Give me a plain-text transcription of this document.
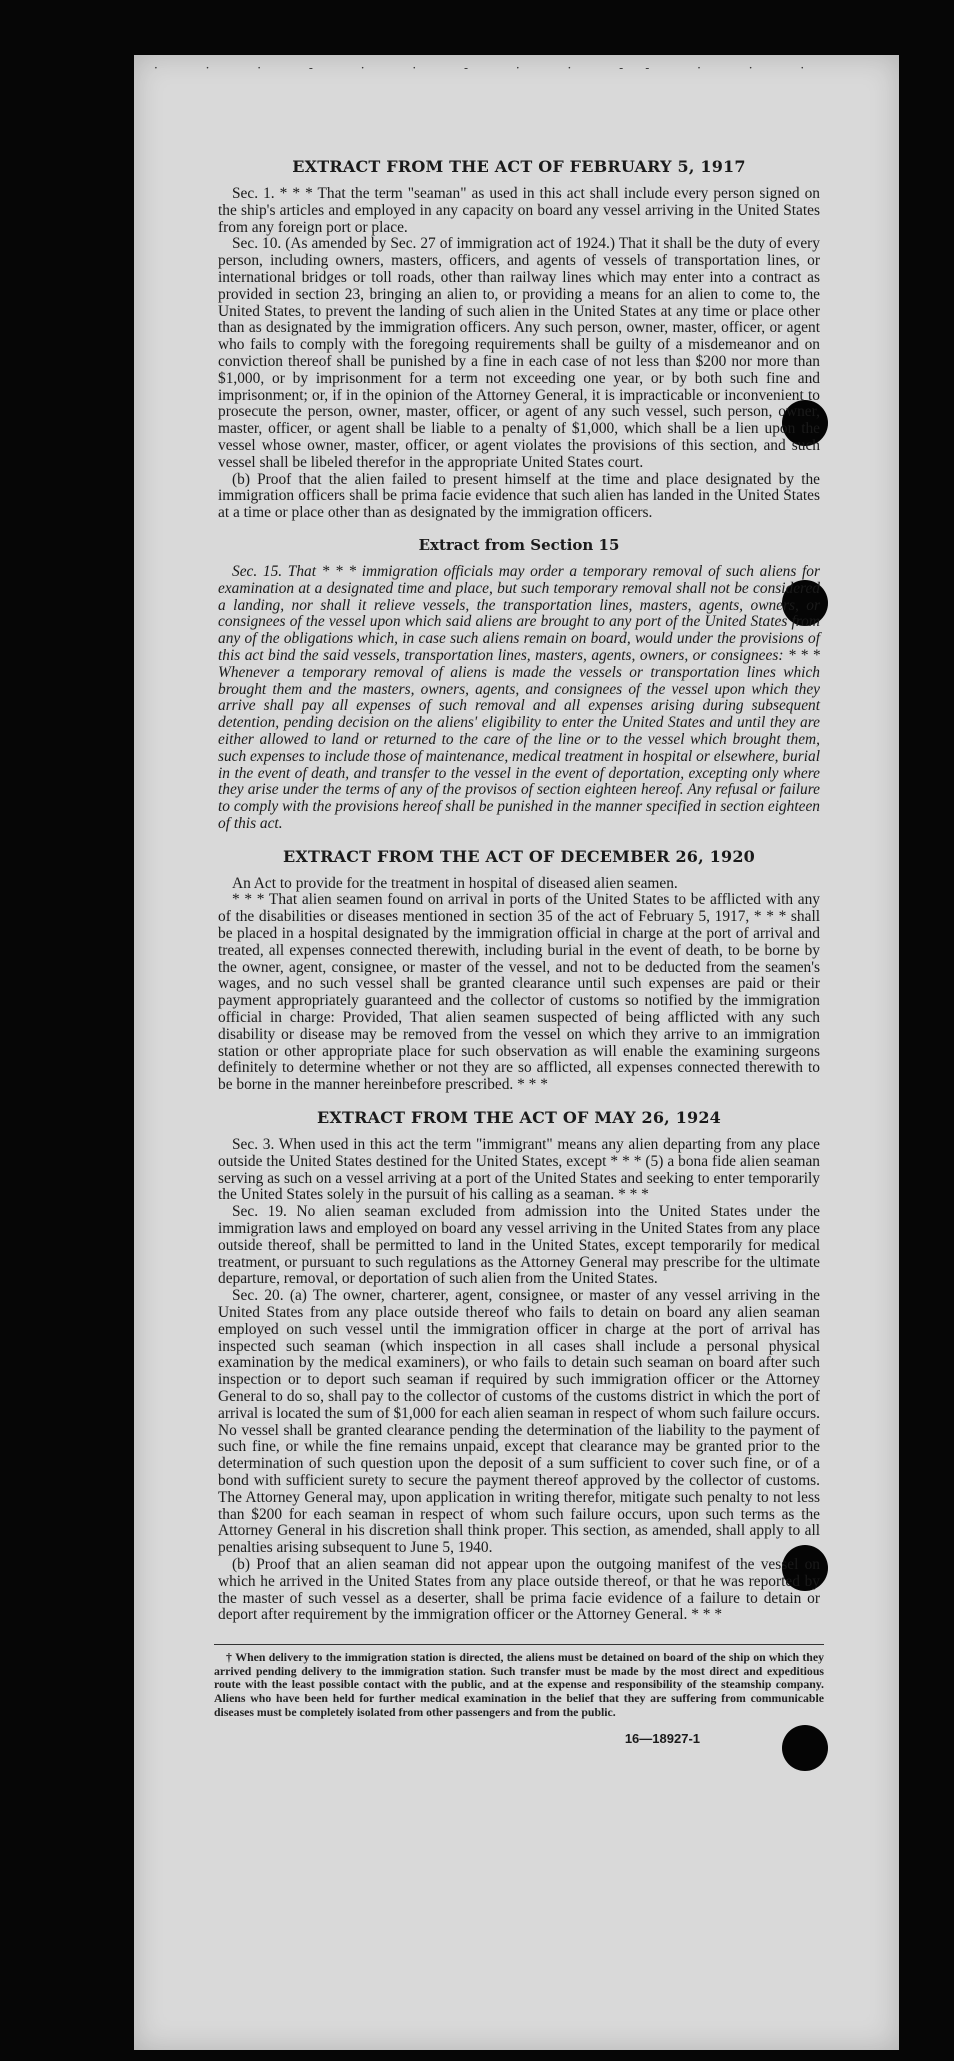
· · · - · · - · · -- · · ·
EXTRACT FROM THE ACT OF FEBRUARY 5, 1917

Sec. 1. * * * That the term "seaman" as used in this act shall include every person signed on the ship's articles and employed in any capacity on board any vessel arriving in the United States from any foreign port or place.

Sec. 10. (As amended by Sec. 27 of immigration act of 1924.) That it shall be the duty of every person, including owners, masters, officers, and agents of vessels of transportation lines, or international bridges or toll roads, other than railway lines which may enter into a contract as provided in section 23, bringing an alien to, or providing a means for an alien to come to, the United States, to prevent the landing of such alien in the United States at any time or place other than as designated by the immigration officers. Any such person, owner, master, officer, or agent who fails to comply with the foregoing requirements shall be guilty of a misdemeanor and on conviction thereof shall be punished by a fine in each case of not less than $200 nor more than $1,000, or by imprisonment for a term not exceeding one year, or by both such fine and imprisonment; or, if in the opinion of the Attorney General, it is impracticable or inconvenient to prosecute the person, owner, master, officer, or agent of any such vessel, such person, owner, master, officer, or agent shall be liable to a penalty of $1,000, which shall be a lien upon the vessel whose owner, master, officer, or agent violates the provisions of this section, and such vessel shall be libeled therefor in the appropriate United States court.

(b) Proof that the alien failed to present himself at the time and place designated by the immigration officers shall be prima facie evidence that such alien has landed in the United States at a time or place other than as designated by the immigration officers.

Extract from Section 15

Sec. 15. That * * * immigration officials may order a temporary removal of such aliens for examination at a designated time and place, but such temporary removal shall not be considered a landing, nor shall it relieve vessels, the transportation lines, masters, agents, owners, or consignees of the vessel upon which said aliens are brought to any port of the United States from any of the obligations which, in case such aliens remain on board, would under the provisions of this act bind the said vessels, transportation lines, masters, agents, owners, or consignees: * * * Whenever a temporary removal of aliens is made the vessels or transportation lines which brought them and the masters, owners, agents, and consignees of the vessel upon which they arrive shall pay all expenses of such removal and all expenses arising during subsequent detention, pending decision on the aliens' eligibility to enter the United States and until they are either allowed to land or returned to the care of the line or to the vessel which brought them, such expenses to include those of maintenance, medical treatment in hospital or elsewhere, burial in the event of death, and transfer to the vessel in the event of deportation, excepting only where they arise under the terms of any of the provisos of section eighteen hereof. Any refusal or failure to comply with the provisions hereof shall be punished in the manner specified in section eighteen of this act.

EXTRACT FROM THE ACT OF DECEMBER 26, 1920

An Act to provide for the treatment in hospital of diseased alien seamen.

* * * That alien seamen found on arrival in ports of the United States to be afflicted with any of the disabilities or diseases mentioned in section 35 of the act of February 5, 1917, * * * shall be placed in a hospital designated by the immigration official in charge at the port of arrival and treated, all expenses connected therewith, including burial in the event of death, to be borne by the owner, agent, consignee, or master of the vessel, and not to be deducted from the seamen's wages, and no such vessel shall be granted clearance until such expenses are paid or their payment appropriately guaranteed and the collector of customs so notified by the immigration official in charge: Provided, That alien seamen suspected of being afflicted with any such disability or disease may be removed from the vessel on which they arrive to an immigration station or other appropriate place for such observation as will enable the examining surgeons definitely to determine whether or not they are so afflicted, all expenses connected therewith to be borne in the manner hereinbefore prescribed. * * *

EXTRACT FROM THE ACT OF MAY 26, 1924

Sec. 3. When used in this act the term "immigrant" means any alien departing from any place outside the United States destined for the United States, except * * * (5) a bona fide alien seaman serving as such on a vessel arriving at a port of the United States and seeking to enter temporarily the United States solely in the pursuit of his calling as a seaman. * * *

Sec. 19. No alien seaman excluded from admission into the United States under the immigration laws and employed on board any vessel arriving in the United States from any place outside thereof, shall be permitted to land in the United States, except temporarily for medical treatment, or pursuant to such regulations as the Attorney General may prescribe for the ultimate departure, removal, or deportation of such alien from the United States.

Sec. 20. (a) The owner, charterer, agent, consignee, or master of any vessel arriving in the United States from any place outside thereof who fails to detain on board any alien seaman employed on such vessel until the immigration officer in charge at the port of arrival has inspected such seaman (which inspection in all cases shall include a personal physical examination by the medical examiners), or who fails to detain such seaman on board after such inspection or to deport such seaman if required by such immigration officer or the Attorney General to do so, shall pay to the collector of customs of the customs district in which the port of arrival is located the sum of $1,000 for each alien seaman in respect of whom such failure occurs. No vessel shall be granted clearance pending the determination of the liability to the payment of such fine, or while the fine remains unpaid, except that clearance may be granted prior to the determination of such question upon the deposit of a sum sufficient to cover such fine, or of a bond with sufficient surety to secure the payment thereof approved by the collector of customs. The Attorney General may, upon application in writing therefor, mitigate such penalty to not less than $200 for each seaman in respect of whom such failure occurs, upon such terms as the Attorney General in his discretion shall think proper. This section, as amended, shall apply to all penalties arising subsequent to June 5, 1940.

(b) Proof that an alien seaman did not appear upon the outgoing manifest of the vessel on which he arrived in the United States from any place outside thereof, or that he was reported by the master of such vessel as a deserter, shall be prima facie evidence of a failure to detain or deport after requirement by the immigration officer or the Attorney General. * * *

† When delivery to the immigration station is directed, the aliens must be detained on board of the ship on which they arrived pending delivery to the immigration station. Such transfer must be made by the most direct and expeditious route with the least possible contact with the public, and at the expense and responsibility of the steamship company. Aliens who have been held for further medical examination in the belief that they are suffering from communicable diseases must be completely isolated from other passengers and from the public.

16—18927-1
